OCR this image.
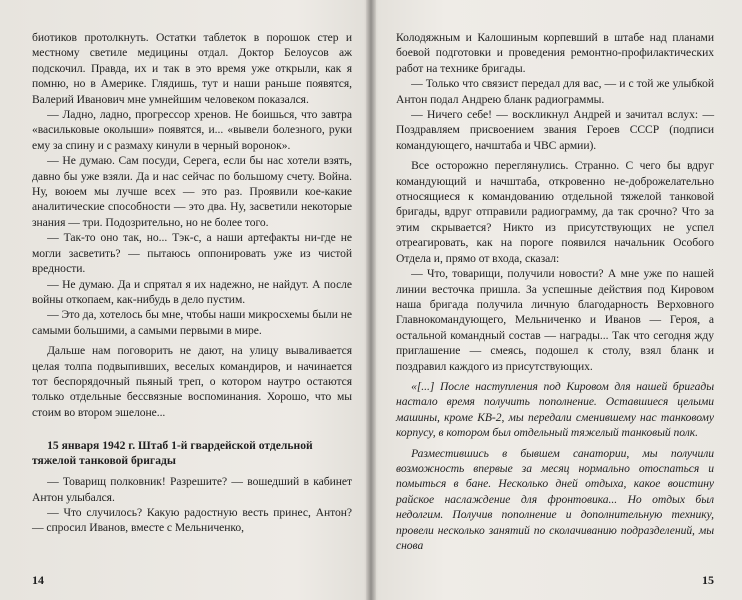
биотиков протолкнуть. Остатки таблеток в порошок стер и местному светиле медицины отдал. Доктор Белоусов аж подскочил. Правда, их и так в это время уже открыли, как я помню, но в Америке. Глядишь, тут и наши раньше появятся, Валерий Иванович мне умнейшим человеком показался.

— Ладно, ладно, прогрессор хренов. Не боишься, что завтра «васильковые околыши» появятся, и... «вывели болезного, руки ему за спину и с размаху кинули в черный воронок».

— Не думаю. Сам посуди, Серега, если бы нас хотели взять, давно бы уже взяли. Да и нас сейчас по большому счету. Война. Ну, воюем мы лучше всех — это раз. Проявили кое-какие аналитические способности — это два. Ну, засветили некоторые знания — три. Подозрительно, но не более того.

— Так-то оно так, но... Тэк-с, а наши артефакты ни-где не могли засветить? — пытаюсь оппонировать уже из чистой вредности.

— Не думаю. Да и спрятал я их надежно, не найдут. А после войны откопаем, как-нибудь в дело пустим.

— Это да, хотелось бы мне, чтобы наши микросхемы были не самыми большими, а самыми первыми в мире.

Дальше нам поговорить не дают, на улицу вываливается целая толпа подвыпивших, веселых командиров, и начинается тот беспорядочный пьяный треп, о котором наутро остаются только отдельные бессвязные воспоминания. Хорошо, что мы стоим во втором эшелоне...

15 января 1942 г. Штаб 1-й гвардейской отдельной тяжелой танковой бригады

— Товарищ полковник! Разрешите? — вошедший в кабинет Антон улыбался.

— Что случилось? Какую радостную весть принес, Антон? — спросил Иванов, вместе с Мельниченко,

14

Колодяжным и Калошиным корпевший в штабе над планами боевой подготовки и проведения ремонтно-профилактических работ на технике бригады.

— Только что связист передал для вас, — и с той же улыбкой Антон подал Андрею бланк радиограммы.

— Ничего себе! — воскликнул Андрей и зачитал вслух: — Поздравляем присвоением звания Героев СССР (подписи командующего, начштаба и ЧВС армии).

Все осторожно переглянулись. Странно. С чего бы вдруг командующий и начштаба, откровенно не-доброжелательно относящиеся к командованию отдельной тяжелой танковой бригады, вдруг отправили радиограмму, да так срочно? Что за этим скрывается? Никто из присутствующих не успел отреагировать, как на пороге появился начальник Особого Отдела и, прямо от входа, сказал:

— Что, товарищи, получили новости? А мне уже по нашей линии весточка пришла. За успешные действия под Кировом наша бригада получила личную благодарность Верховного Главнокомандующего, Мельниченко и Иванов — Героя, а остальной командный состав — награды... Так что сегодня жду приглашение — смеясь, подошел к столу, взял бланк и поздравил каждого из присутствующих.

«[...] После наступления под Кировом для нашей бригады настало время получить пополнение. Оставшиеся целыми машины, кроме КВ-2, мы передали сменившему нас танковому корпусу, в котором был отдельный тяжелый танковый полк.

Разместившись в бывшем санатории, мы получили возможность впервые за месяц нормально отоспаться и помыться в бане. Несколько дней отдыха, какое воистину райское наслаждение для фронтовика... Но отдых был недолгим. Получив пополнение и дополнительную технику, провели несколько занятий по сколачиванию подразделений, мы снова

15
